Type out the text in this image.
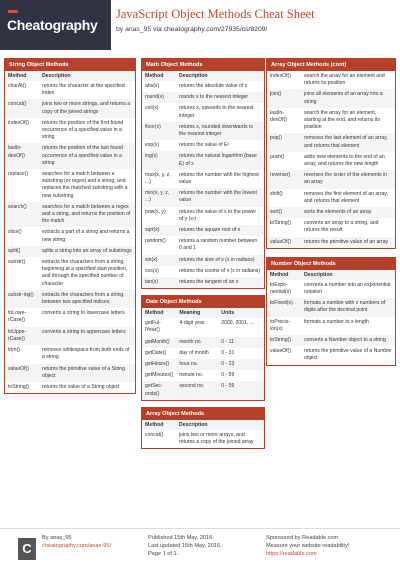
Cheatography
JavaScript Object Methods Cheat Sheet
by anas_95 via cheatography.com/27935/cs/8209/
String Object Methods
Method	Description
charAt()	returns the character at the specified index
concat()	joins two or more strings, and returns a copy of the joined strings
indexOf()	returns the position of the first found occurrence of a specified value in a string
lastIn-dexOf()	returns the position of the last found occurrence of a specified value in a string
replace()	searches for a match between a substring (or regex) and a string, and replaces the matched substring with a new substring
search()	searches for a match between a regex and a string, and returns the position of the match
slice()	extracts a part of a string and returns a new string
split()	splits a string into an array of substrings
substr()	extracts the characters from a string, beginning at a specified start position, and through the specified number of character
substr-ing()	extracts the characters from a string, between two specified indices
toLowe-rCase()	converts a string to lowercase letters
toUppe-rCase()	converts a string to uppercase letters
trim()	removes whitespace from both ends of a string
valueOf()	returns the primitive value of a String object
toString()	returns the value of a String object
Math Object Methods
Method	Description
abs(x)	returns the absolute value of x
round(x)	rounds x to the nearest integer
ceil(x)	returns x, upwards to the nearest integer
floor(x)	returns x, rounded downwards to the nearest integer
exp(x)	returns the value of Eˣ
log(x)	returns the natural logarithm (base E) of x
max(x, y, z, ...)	returns the number with the highest value
min(x, y, z, ...)	returns the number with the lowest value
pow(x, y)	returns the value of x to the power of y (xʸ)
sqrt(x)	returns the square root of x
random()	returns a random number between 0 and 1
sin(x)	returns the sine of x (x in radians)
cos(x)	returns the cosine of x (x in radians)
tan(x)	returns the tangent of an x
Date Object Methods
Method	Meaning	Units
getFul-lYear()	4-digit year	2000, 2001, ...
getMonth()	month no.	0 - 11
getDate()	day of month	0 - 31
getHours()	hour no.	0 - 23
getMinutes()	minute no.	0 - 59
getSec-onds()	second no.	0 - 59
Array Object Methods
Method	Description
concat()	joins two or more arrays, and returns a copy of the joined array
Array Object Methods (cont)
indexOf()	search the array for an element and returns its position
join()	joins all elements of an array into a string
lastIn-dexOf()	search the array for an element, starting at the end, and returns its position
pop()	removes the last element of an array, and returns that element
push()	adds new elements to the end of an array, and returns the new length
reverse()	reverses the order of the elements in an array
shift()	removes the first element of an array, and returns that element
sort()	sorts the elements of an array
toString()	converts an array to a string, and returns the result
valueOf()	returns the primitive value of an array
Number Object Methods
Method	Description
toExpo-nential(x)	converts a number into an exponential notation
toFixed(x)	formats a number with x numbers of digits after the decimal point
toPrecis-ion(x)	formats a number to x length
toString()	converts a Number object to a string
valueOf()	returns the primitive value of a Number object
C
By anas_95
cheatography.com/anas-95/
Published 15th May, 2016.
Last updated 15th May, 2016.
Page 1 of 1.
Sponsored by Readable.com
Measure your website readability!
https://readable.com
